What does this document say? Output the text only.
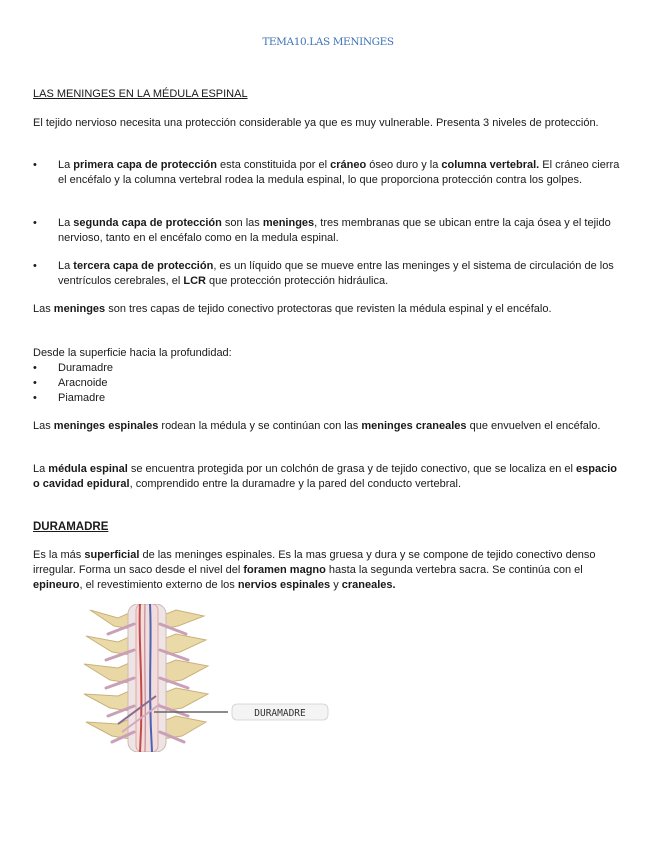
TEMA10.LAS MENINGES

LAS MENINGES EN LA MÉDULA ESPINAL

El tejido nervioso necesita una protección considerable ya que es muy vulnerable. Presenta 3 niveles de protección.

• La primera capa de protección esta constituida por el cráneo óseo duro y la columna vertebral. El cráneo cierra el encéfalo y la columna vertebral rodea la medula espinal, lo que proporciona protección contra los golpes.
• La segunda capa de protección son las meninges, tres membranas que se ubican entre la caja ósea y el tejido nervioso, tanto en el encéfalo como en la medula espinal.
• La tercera capa de protección, es un líquido que se mueve entre las meninges y el sistema de circulación de los ventrículos cerebrales, el LCR que protección protección hidráulica.

Las meninges son tres capas de tejido conectivo protectoras que revisten la médula espinal y el encéfalo.

Desde la superficie hacia la profundidad:

• Duramadre
• Aracnoide
• Piamadre

Las meninges espinales rodean la médula y se continúan con las meninges craneales que envuelven el encéfalo.

La médula espinal se encuentra protegida por un colchón de grasa y de tejido conectivo, que se localiza en el espacio o cavidad epidural, comprendido entre la duramadre y la pared del conducto vertebral.

DURAMADRE

Es la más superficial de las meninges espinales. Es la mas gruesa y dura y se compone de tejido conectivo denso irregular. Forma un saco desde el nivel del foramen magno hasta la segunda vertebra sacra. Se continúa con el epineuro, el revestimiento externo de los nervios espinales y craneales.

DURAMADRE
